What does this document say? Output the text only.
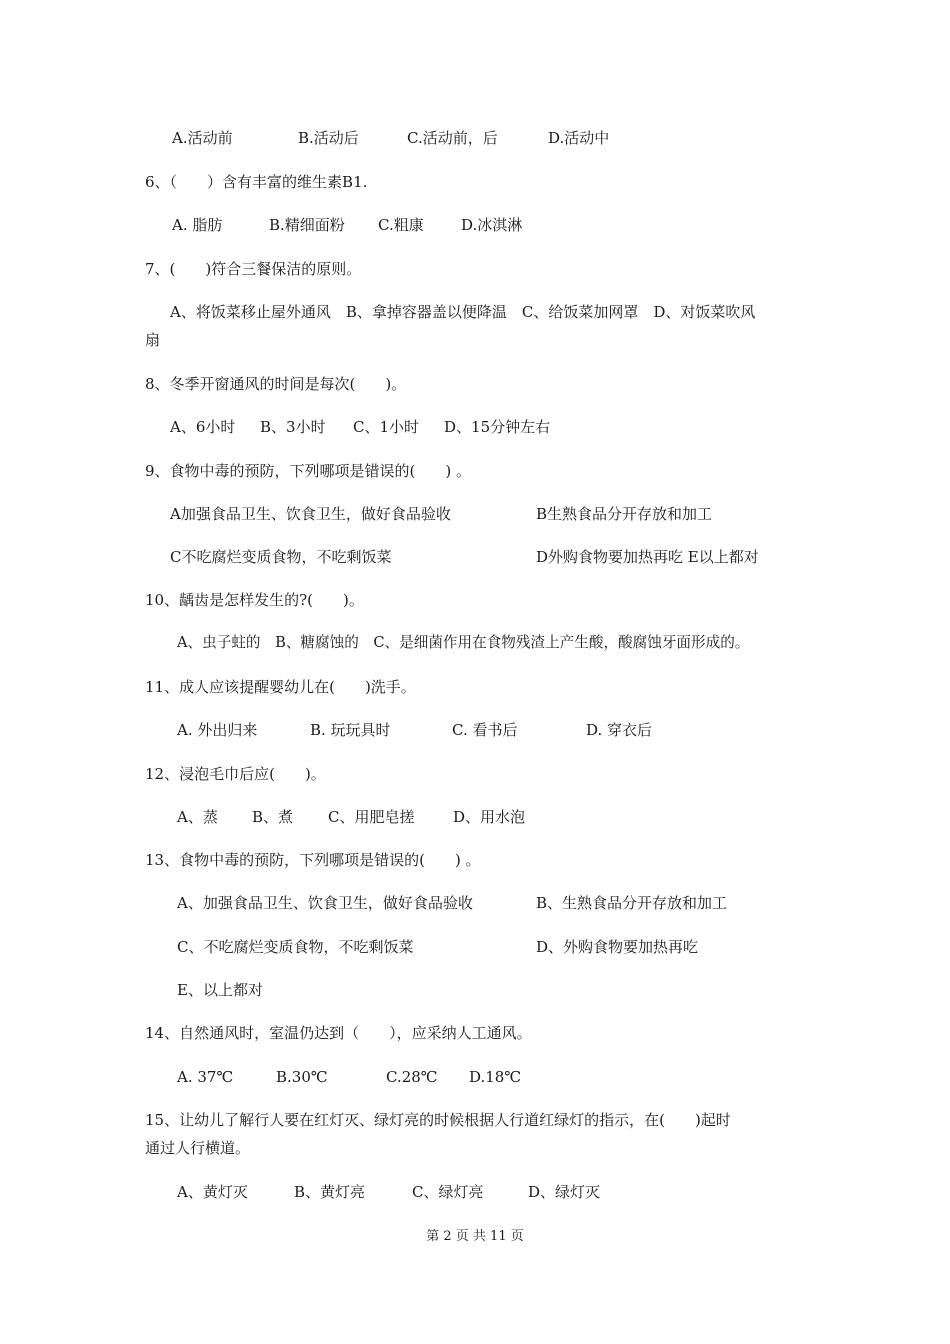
A.活动前	B.活动后	C.活动前，后	D.活动中
6、（　　）含有丰富的维生素B1.
A. 脂肪	B.精细面粉 C.粗康 D.冰淇淋
7、(　　)符合三餐保洁的原则。
A、将饭菜移止屋外通风　B、拿掉容器盖以便降温　C、给饭菜加网罩　D、对饭菜吹风
扇
8、冬季开窗通风的时间是每次(　　)。
A、6小时 B、3小时 C、1小时 D、15分钟左右
9、食物中毒的预防，下列哪项是错误的(　　) 。
A加强食品卫生、饮食卫生，做好食品验收	B生熟食品分开存放和加工
C不吃腐烂变质食物，不吃剩饭菜	D外购食物要加热再吃 E以上都对
10、龋齿是怎样发生的?(　　)。
A、虫子蛀的　B、糖腐蚀的　C、是细菌作用在食物残渣上产生酸，酸腐蚀牙面形成的。
11、成人应该提醒婴幼儿在(　　)洗手。
A. 外出归来	B. 玩玩具时	C. 看书后	D. 穿衣后
12、浸泡毛巾后应(　　)。
A、蒸 B、煮 C、用肥皂搓	D、用水泡
13、食物中毒的预防，下列哪项是错误的(　　) 。
A、加强食品卫生、饮食卫生，做好食品验收	B、生熟食品分开存放和加工
C、不吃腐烂变质食物，不吃剩饭菜	D、外购食物要加热再吃
E、以上都对
14、自然通风时，室温仍达到（　　），应采纳人工通风。
A. 37℃	B.30℃	C.28℃ D.18℃
15、让幼儿了解行人要在红灯灭、绿灯亮的时候根据人行道红绿灯的指示，在(　　)起时
通过人行横道。
A、黄灯灭	B、黄灯亮	C、绿灯亮	D、绿灯灭
第 2 页 共 11 页
